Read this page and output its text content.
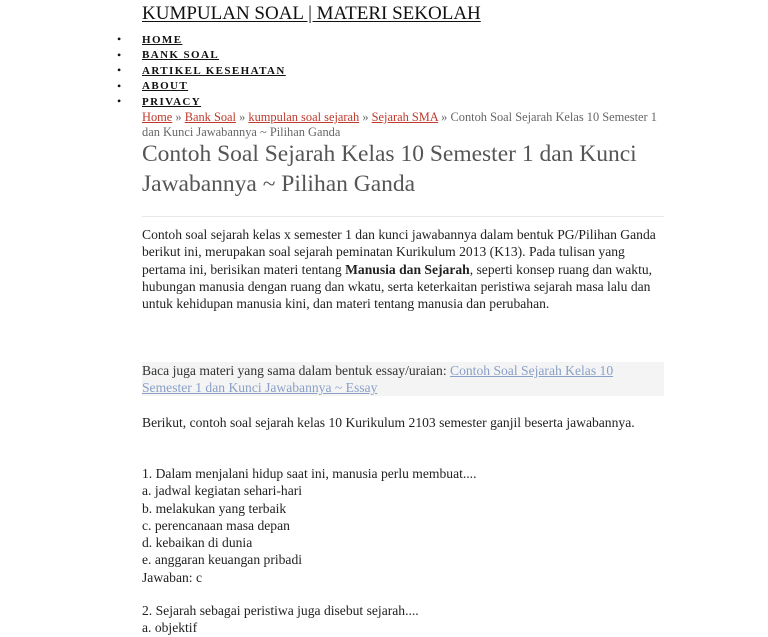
KUMPULAN SOAL | MATERI SEKOLAH
•	HOME
•	BANK SOAL
•	ARTIKEL KESEHATAN
•	ABOUT
•	PRIVACY
Home » Bank Soal » kumpulan soal sejarah » Sejarah SMA » Contoh Soal Sejarah Kelas 10 Semester 1 dan Kunci Jawabannya ~ Pilihan Ganda
Contoh Soal Sejarah Kelas 10 Semester 1 dan Kunci Jawabannya ~ Pilihan Ganda

Contoh soal sejarah kelas x semester 1 dan kunci jawabannya dalam bentuk PG/Pilihan Ganda berikut ini, merupakan soal sejarah peminatan Kurikulum 2013 (K13). Pada tulisan yang pertama ini, berisikan materi tentang Manusia dan Sejarah, seperti konsep ruang dan waktu, hubungan manusia dengan ruang dan wkatu, serta keterkaitan peristiwa sejarah masa lalu dan untuk kehidupan manusia kini, dan materi tentang manusia dan perubahan.

Baca juga materi yang sama dalam bentuk essay/uraian: Contoh Soal Sejarah Kelas 10 Semester 1 dan Kunci Jawabannya ~ Essay

Berikut, contoh soal sejarah kelas 10 Kurikulum 2103 semester ganjil beserta jawabannya.

1. Dalam menjalani hidup saat ini, manusia perlu membuat....
a. jadwal kegiatan sehari-hari
b. melakukan yang terbaik
c. perencanaan masa depan
d. kebaikan di dunia
e. anggaran keuangan pribadi
Jawaban: c
2. Sejarah sebagai peristiwa juga disebut sejarah....
a. objektif
